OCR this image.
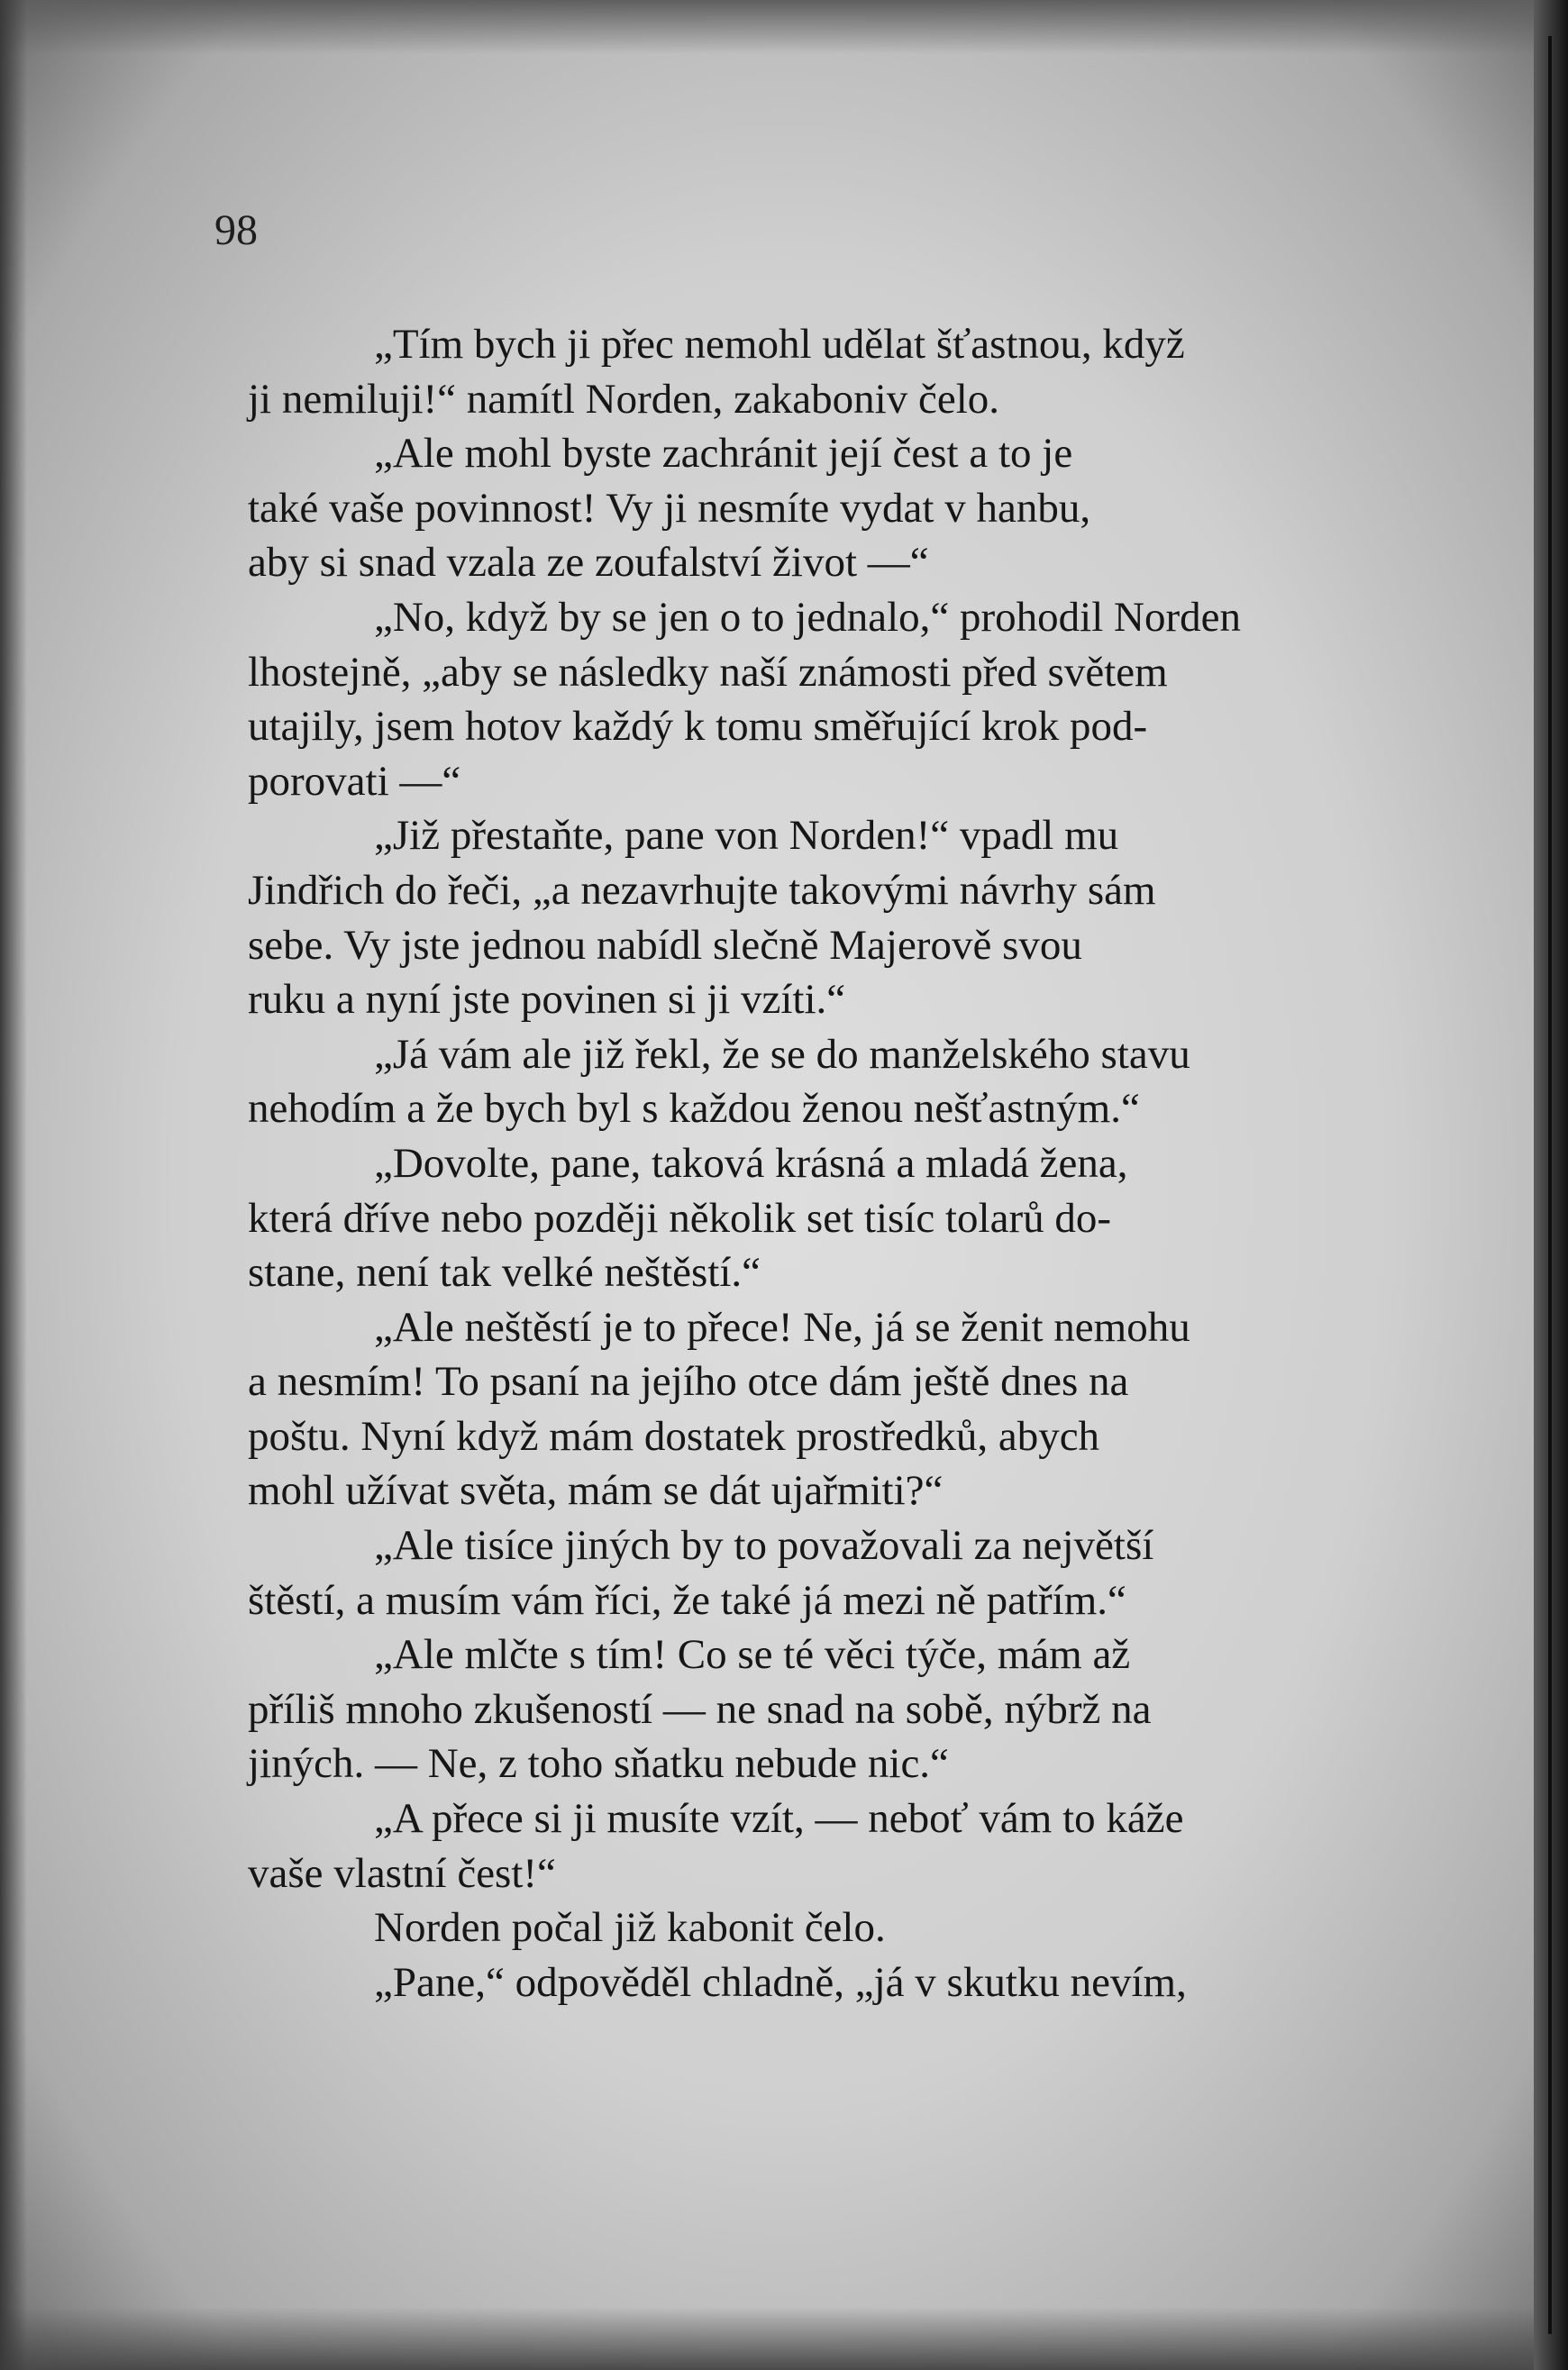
98

„Tím bych ji přec nemohl udělat šťastnou, když
ji nemiluji!“ namítl Norden, zakaboniv čelo.

„Ale mohl byste zachránit její čest a to je
také vaše povinnost! Vy ji nesmíte vydat v hanbu,
aby si snad vzala ze zoufalství život —“

„No, když by se jen o to jednalo,“ prohodil Norden
lhostejně, „aby se následky naší známosti před světem
utajily, jsem hotov každý k tomu směřující krok pod-
porovati —“

„Již přestaňte, pane von Norden!“ vpadl mu
Jindřich do řeči, „a nezavrhujte takovými návrhy sám
sebe. Vy jste jednou nabídl slečně Majerově svou
ruku a nyní jste povinen si ji vzíti.“

„Já vám ale již řekl, že se do manželského stavu
nehodím a že bych byl s každou ženou nešťastným.“

„Dovolte, pane, taková krásná a mladá žena,
která dříve nebo později několik set tisíc tolarů do-
stane, není tak velké neštěstí.“

„Ale neštěstí je to přece! Ne, já se ženit nemohu
a nesmím! To psaní na jejího otce dám ještě dnes na
poštu. Nyní když mám dostatek prostředků, abych
mohl užívat světa, mám se dát ujařmiti?“

„Ale tisíce jiných by to považovali za největší
štěstí, a musím vám říci, že také já mezi ně patřím.“

„Ale mlčte s tím! Co se té věci týče, mám až
příliš mnoho zkušeností — ne snad na sobě, nýbrž na
jiných. — Ne, z toho sňatku nebude nic.“

„A přece si ji musíte vzít, — neboť vám to káže
vaše vlastní čest!“

Norden počal již kabonit čelo.

„Pane,“ odpověděl chladně, „já v skutku nevím,
